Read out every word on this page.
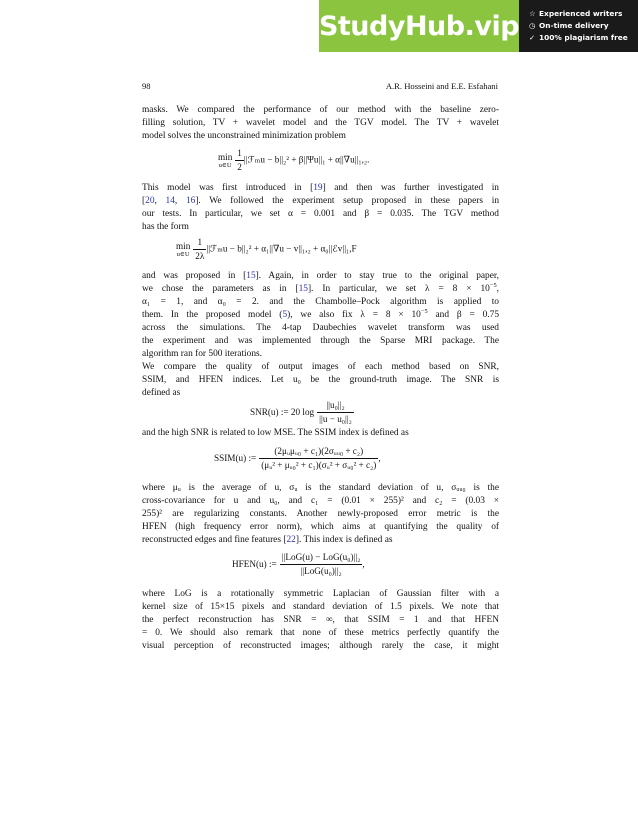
StudyHub.vip ☆ Experienced writers
◷ On-time delivery
✓ 100% plagiarism free
98	A.R. Hosseini and E.E. Esfahani
masks. We compared the performance of our method with the baseline zero-
filling solution, TV + wavelet model and the TGV model. The TV + wavelet
model solves the unconstrained minimization problem
min
u∈U $\frac{1}{2}$ ||ℱₘu − b||₂² + β||Ψu||₁ + α||∇u||₁,₂.
This model was first introduced in [19] and then was further investigated in
[20, 14, 16]. We followed the experiment setup proposed in these papers in
our tests. In particular, we set α = 0.001 and β = 0.035. The TGV method
has the form
min
u∈U $\frac{1}{2\lambda}$ ||ℱₘu − b||₂² + α₁||∇u − v||₁,₂ + α₀||ℰv||₁,F
and was proposed in [15]. Again, in order to stay true to the original paper,
we chose the parameters as in [15]. In particular, we set $\lambda = 8 \times 10^{-5}$,
α₁ = 1, and α₀ = 2. and the Chambolle–Pock algorithm is applied to
them. In the proposed model (5), we also fix $\lambda = 8 \times 10^{-5}$ and β = 0.75
across the simulations. The 4-tap Daubechies wavelet transform was used
the experiment and was implemented through the Sparse MRI package. The
algorithm ran for 500 iterations.
We compare the quality of output images of each method based on SNR,
SSIM, and HFEN indices. Let u₀ be the ground-truth image. The SNR is
defined as
SNR(u) := 20 $\log \frac{\text{||u₀||₂}}{\text{||u − u₀||₂}}$
and the high SNR is related to low MSE. The SSIM index is defined as
SSIM(u) := $\frac{\text{(2μᵤμᵤ₀ + c₁)(2σᵤᵤ₀ + c₂)}}{\text{(μᵤ² + μᵤ₀² + c₁)(σᵤ² + σᵤ₀² + c₂)}}$ ,
where μᵤ is the average of u, σᵤ is the standard deviation of u, σᵤᵤ₀ is the
cross-covariance for u and u₀, and c₁ = (0.01 × 255)² and c₂ = (0.03 ×
255)² are regularizing constants. Another newly-proposed error metric is the
HFEN (high frequency error norm), which aims at quantifying the quality of
reconstructed edges and fine features [22]. This index is defined as
HFEN(u) := $\frac{\text{||LoG(u) − LoG(u₀)||₂}}{\text{||LoG(u₀)||₂}}$ ,
where LoG is a rotationally symmetric Laplacian of Gaussian filter with a
kernel size of 15×15 pixels and standard deviation of 1.5 pixels. We note that
the perfect reconstruction has SNR = ∞, that SSIM = 1 and that HFEN
= 0. We should also remark that none of these metrics perfectly quantify the
visual perception of reconstructed images; although rarely the case, it might
